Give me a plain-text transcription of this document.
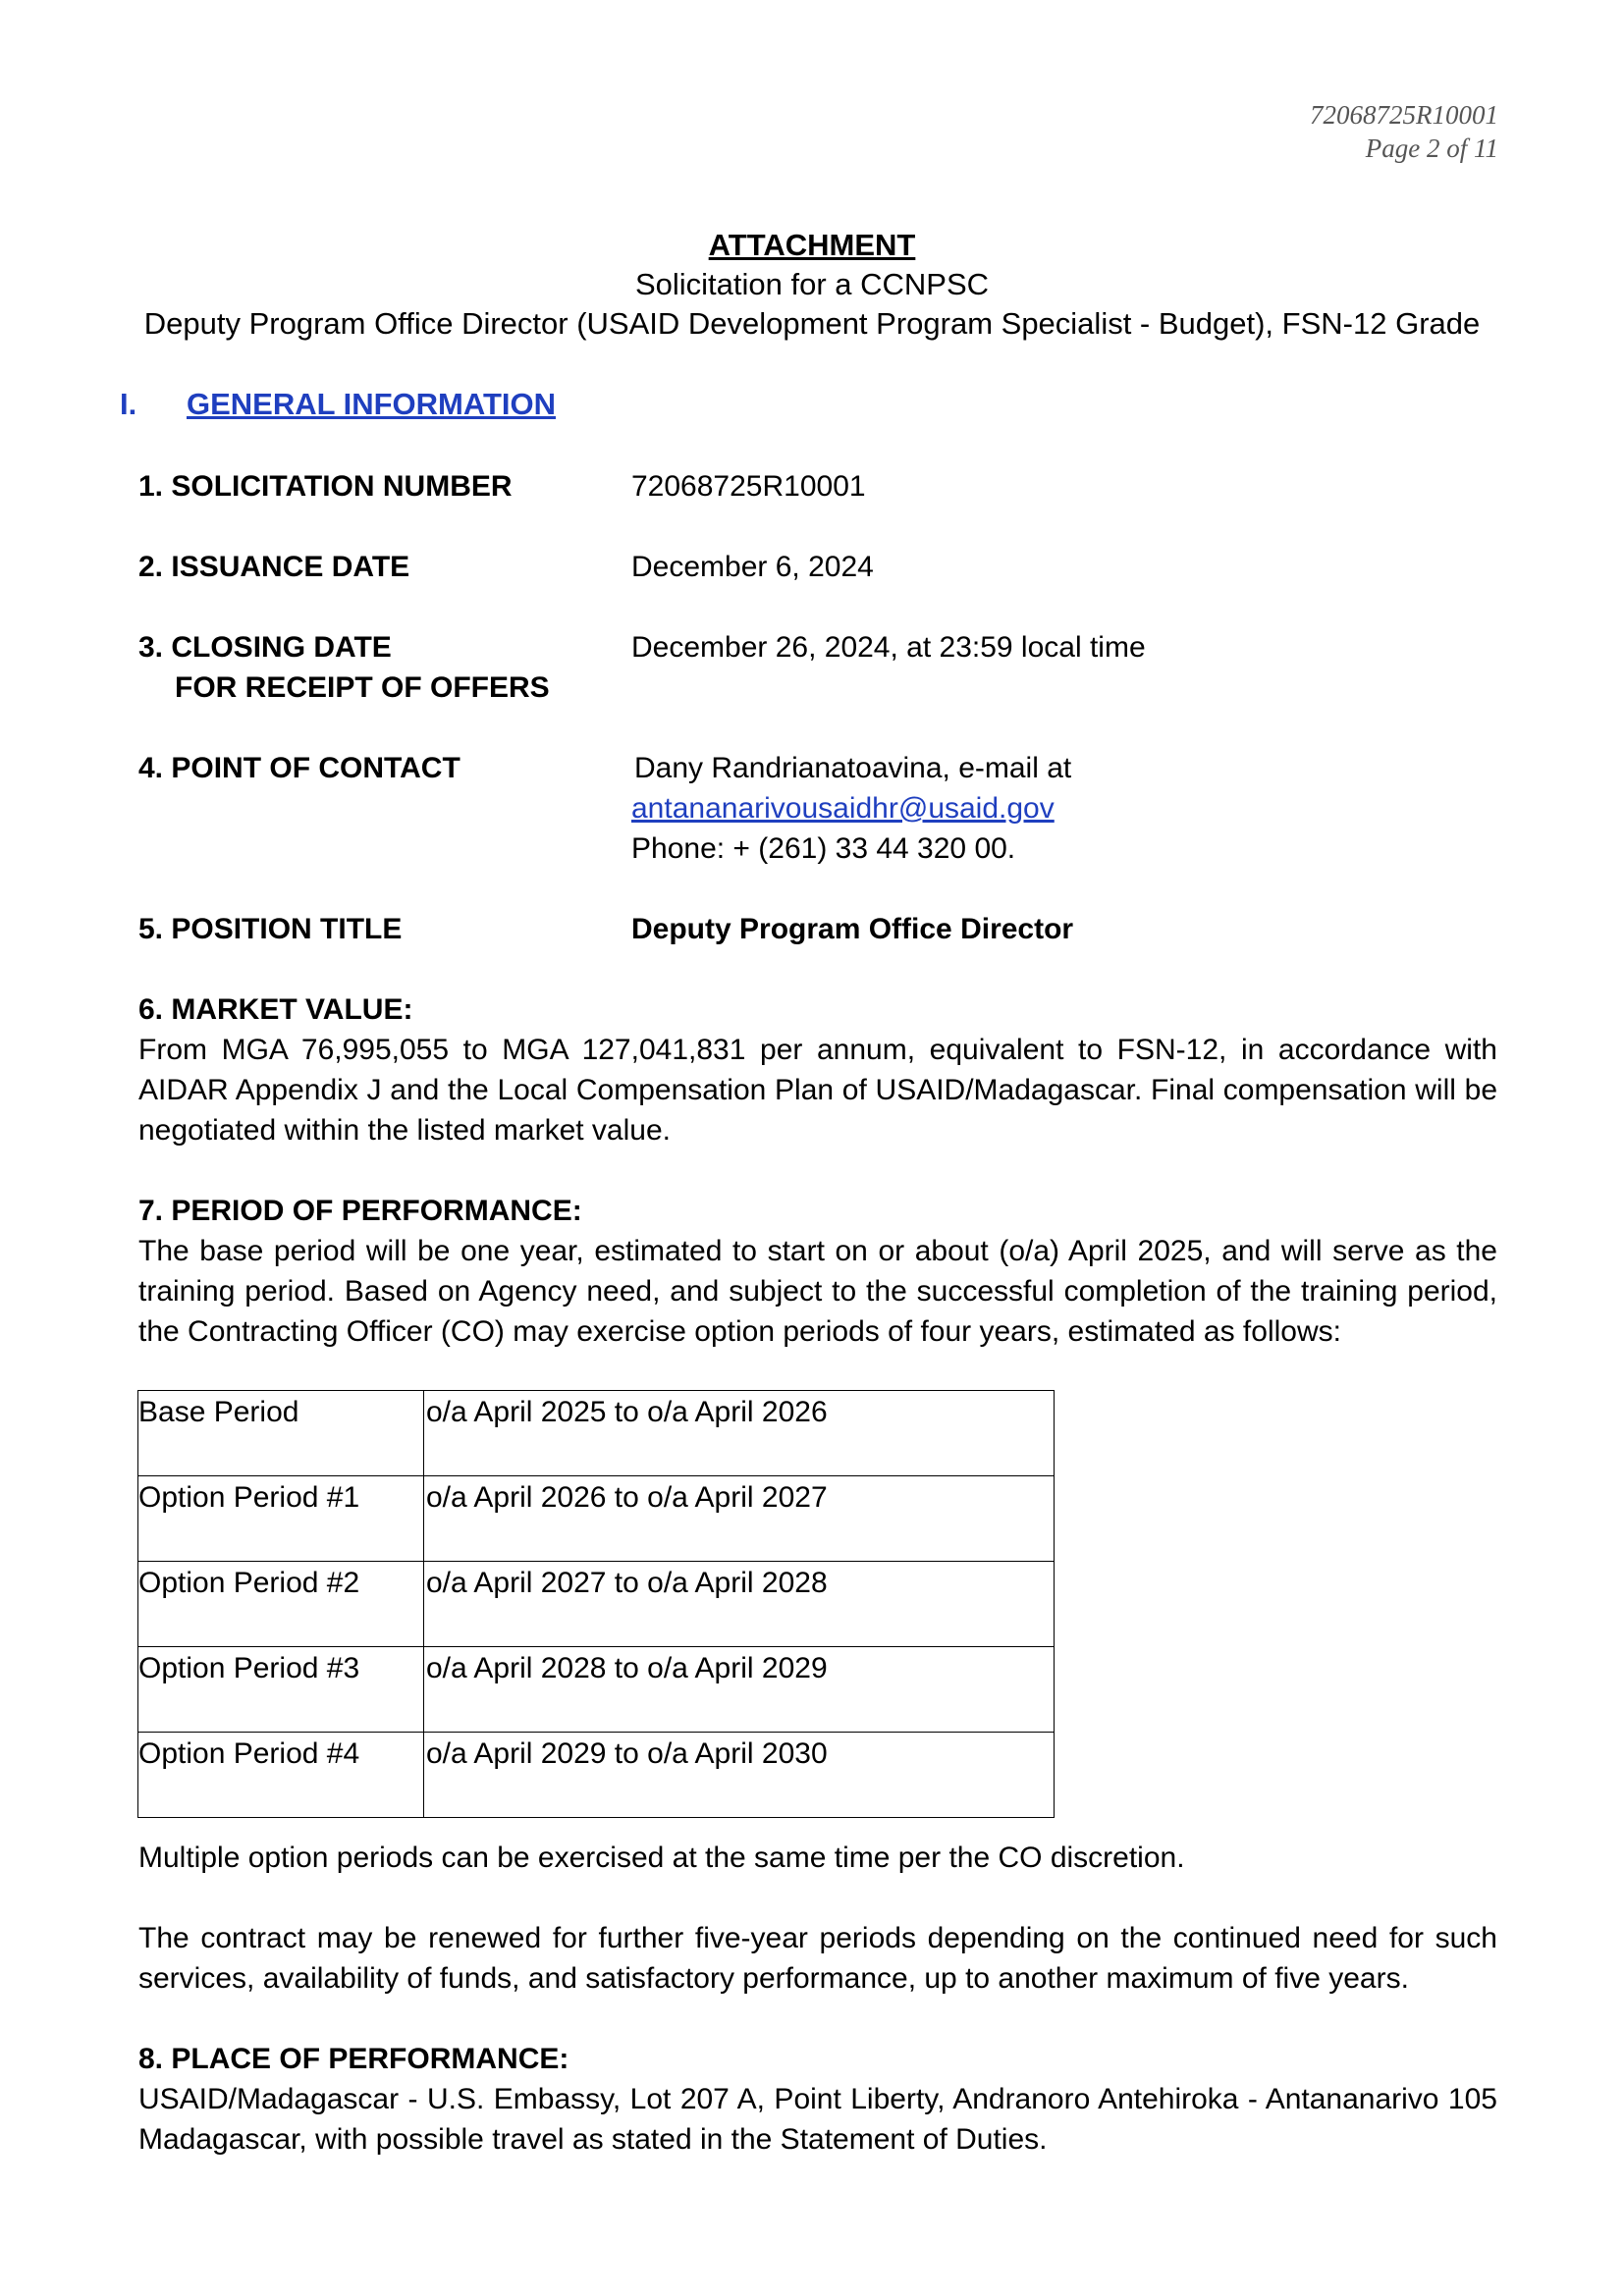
72068725R10001
Page 2 of 11
ATTACHMENT
Solicitation for a CCNPSC
Deputy Program Office Director (USAID Development Program Specialist - Budget), FSN-12 Grade
I. GENERAL INFORMATION
1. SOLICITATION NUMBER	72068725R10001
2. ISSUANCE DATE	December 6, 2024
3. CLOSING DATE	December 26, 2024, at 23:59 local time
FOR RECEIPT OF OFFERS
4. POINT OF CONTACT	Dany Randrianatoavina, e-mail at
antananarivousaidhr@usaid.gov
Phone: + (261) 33 44 320 00.
5. POSITION TITLE	Deputy Program Office Director
6. MARKET VALUE:
From MGA 76,995,055 to MGA 127,041,831 per annum, equivalent to FSN-12, in accordance with AIDAR Appendix J and the Local Compensation Plan of USAID/Madagascar. Final compensation will be negotiated within the listed market value.
7. PERIOD OF PERFORMANCE:
The base period will be one year, estimated to start on or about (o/a) April 2025, and will serve as the training period. Based on Agency need, and subject to the successful completion of the training period, the Contracting Officer (CO) may exercise option periods of four years, estimated as follows:
Base Period	o/a April 2025 to o/a April 2026
Option Period #1	o/a April 2026 to o/a April 2027
Option Period #2	o/a April 2027 to o/a April 2028
Option Period #3	o/a April 2028 to o/a April 2029
Option Period #4	o/a April 2029 to o/a April 2030
Multiple option periods can be exercised at the same time per the CO discretion.
The contract may be renewed for further five-year periods depending on the continued need for such services, availability of funds, and satisfactory performance, up to another maximum of five years.
8. PLACE OF PERFORMANCE:
USAID/Madagascar - U.S. Embassy, Lot 207 A, Point Liberty, Andranoro Antehiroka - Antananarivo 105 Madagascar, with possible travel as stated in the Statement of Duties.
